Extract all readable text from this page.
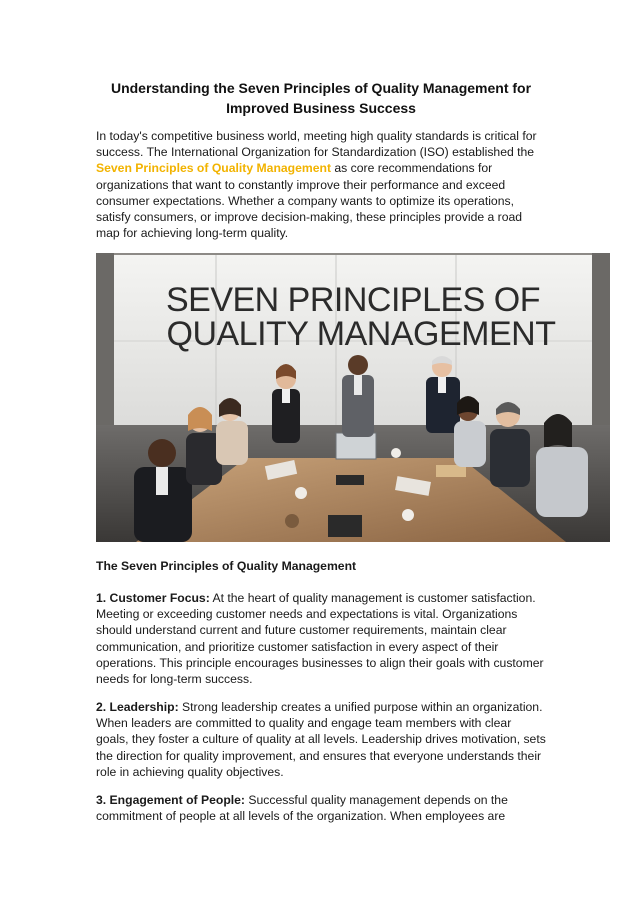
Understanding the Seven Principles of Quality Management for
Improved Business Success
In today's competitive business world, meeting high quality standards is critical for success. The International Organization for Standardization (ISO) established the Seven Principles of Quality Management as core recommendations for organizations that want to constantly improve their performance and exceed consumer expectations. Whether a company wants to optimize its operations, satisfy consumers, or improve decision-making, these principles provide a road map for achieving long-term quality.
SEVEN PRINCIPLES OF
QUALITY MANAGEMENT
The Seven Principles of Quality Management
1. Customer Focus: At the heart of quality management is customer satisfaction. Meeting or exceeding customer needs and expectations is vital. Organizations should understand current and future customer requirements, maintain clear communication, and prioritize customer satisfaction in every aspect of their operations. This principle encourages businesses to align their goals with customer needs for long-term success.
2. Leadership: Strong leadership creates a unified purpose within an organization. When leaders are committed to quality and engage team members with clear goals, they foster a culture of quality at all levels. Leadership drives motivation, sets the direction for quality improvement, and ensures that everyone understands their role in achieving quality objectives.
3. Engagement of People: Successful quality management depends on the commitment of people at all levels of the organization. When employees are
